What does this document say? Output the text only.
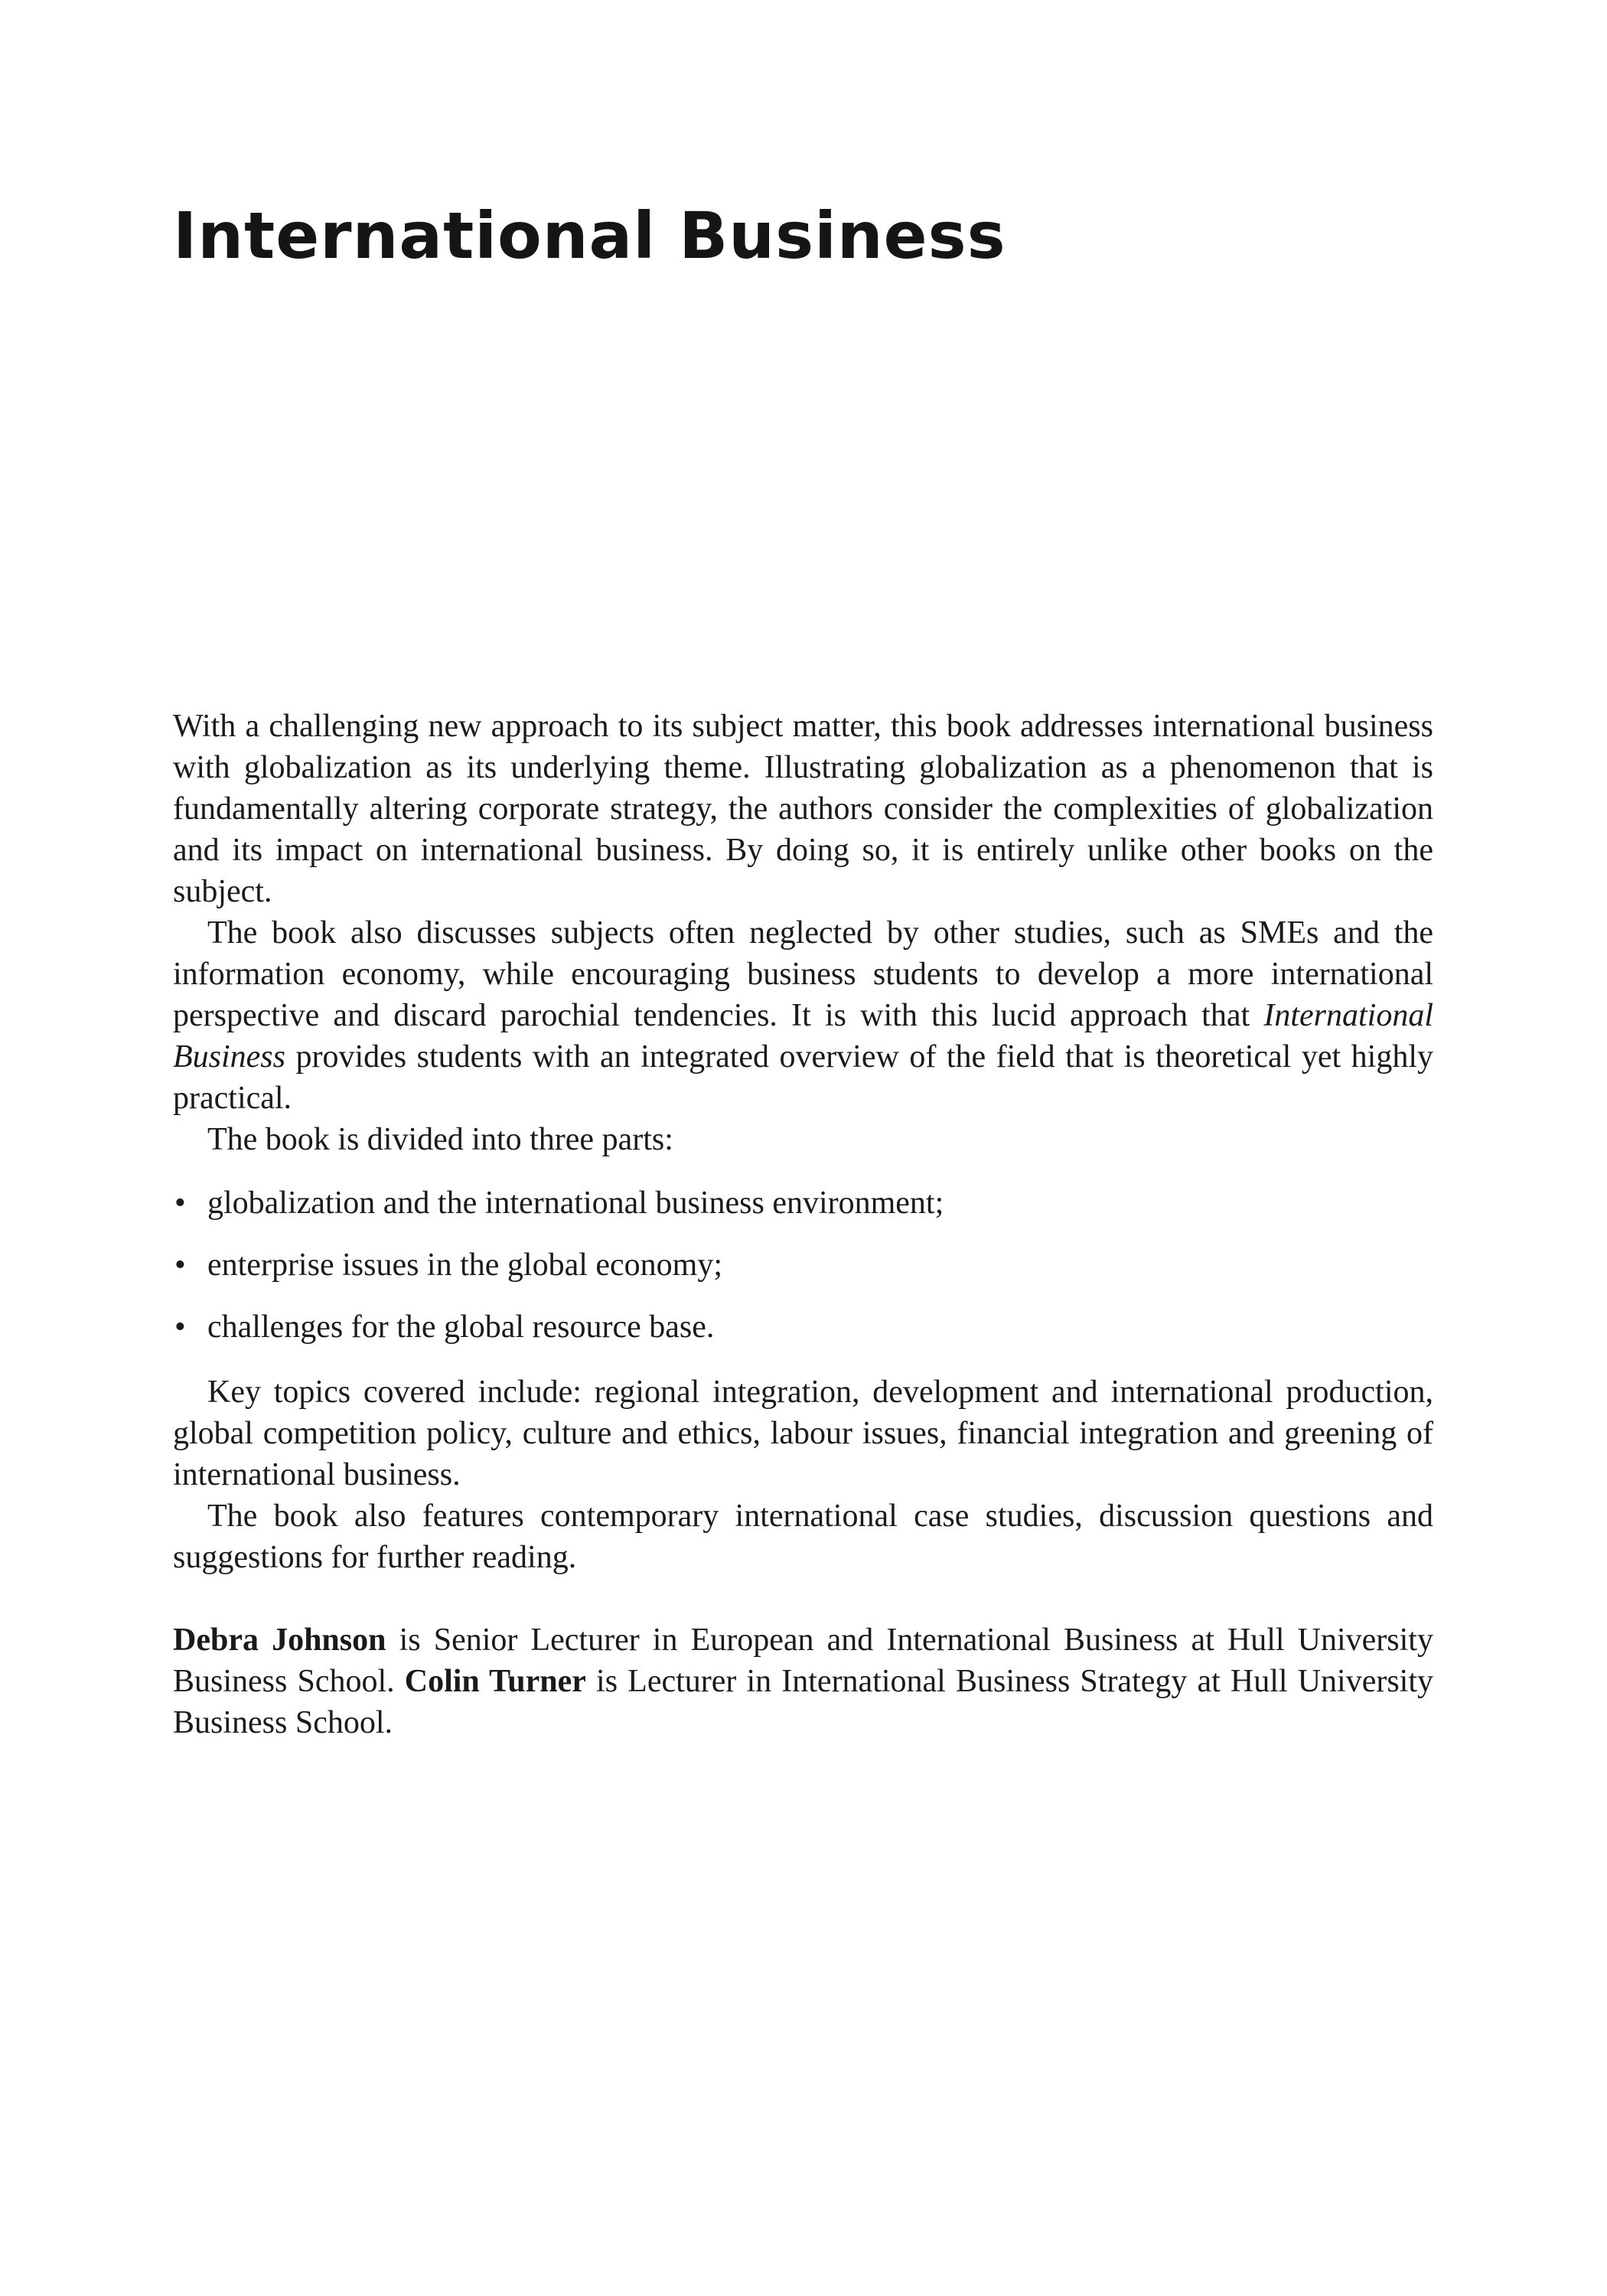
International Business

With a challenging new approach to its subject matter, this book addresses international business with globalization as its underlying theme. Illustrating globalization as a phenomenon that is fundamentally altering corporate strategy, the authors consider the complexities of globalization and its impact on international business. By doing so, it is entirely unlike other books on the subject.

The book also discusses subjects often neglected by other studies, such as SMEs and the information economy, while encouraging business students to develop a more international perspective and discard parochial tendencies. It is with this lucid approach that International Business provides students with an integrated overview of the field that is theoretical yet highly practical.

The book is divided into three parts:

• globalization and the international business environment;
• enterprise issues in the global economy;
• challenges for the global resource base.

Key topics covered include: regional integration, development and international production, global competition policy, culture and ethics, labour issues, financial integration and greening of international business.

The book also features contemporary international case studies, discussion questions and suggestions for further reading.

Debra Johnson is Senior Lecturer in European and International Business at Hull University Business School. Colin Turner is Lecturer in International Business Strategy at Hull University Business School.
